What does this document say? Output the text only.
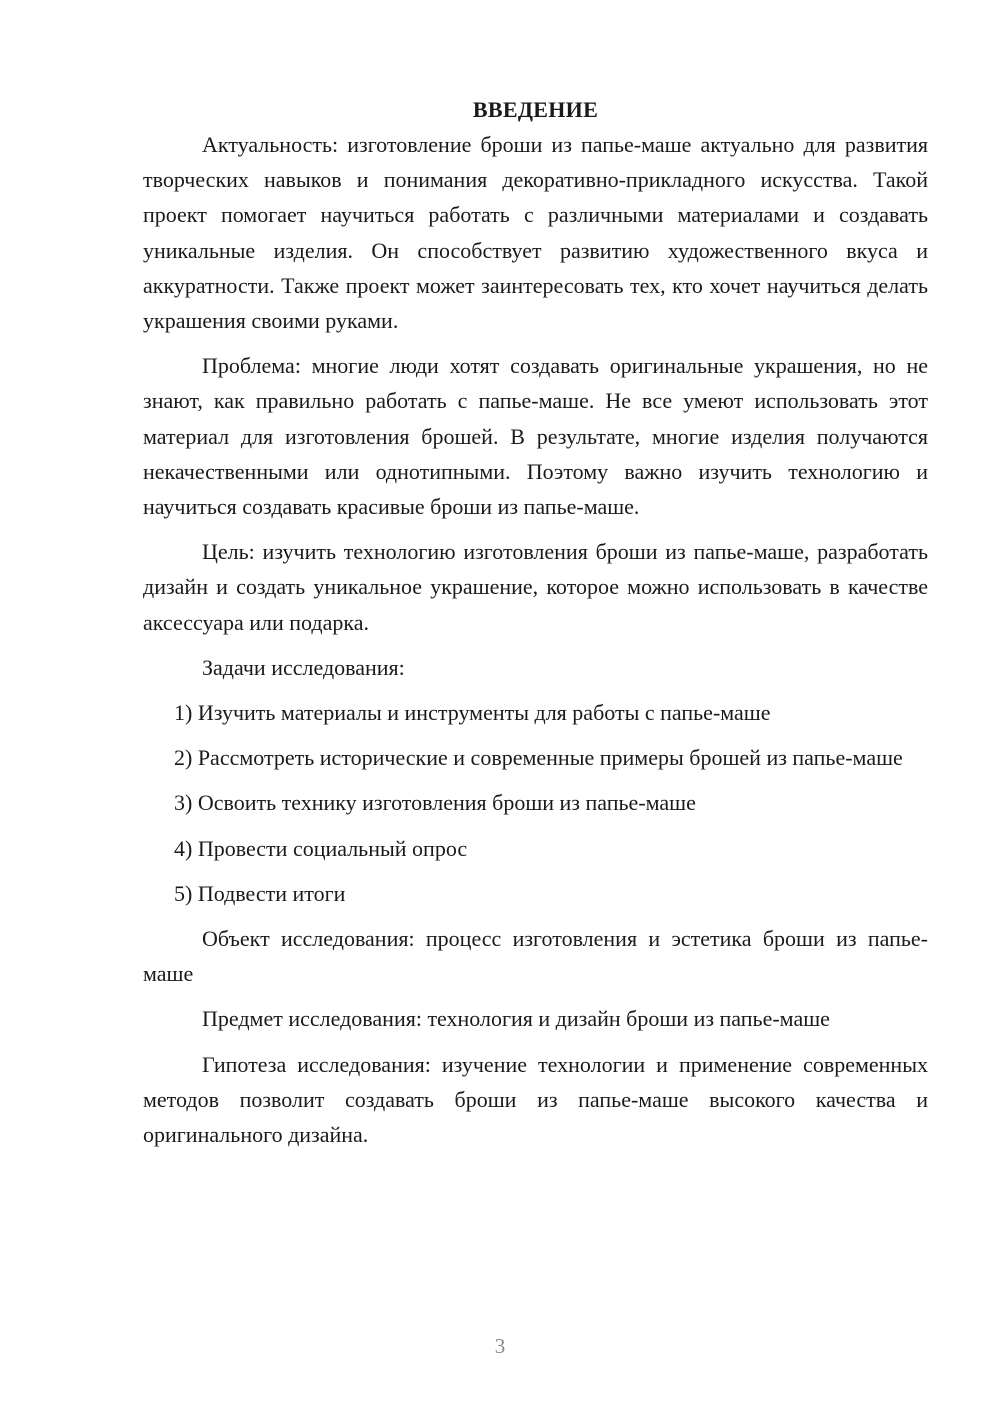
ВВЕДЕНИЕ

Актуальность: изготовление броши из папье-маше актуально для развития творческих навыков и понимания декоративно-прикладного искусства. Такой проект помогает научиться работать с различными материалами и создавать уникальные изделия. Он способствует развитию художественного вкуса и аккуратности. Также проект может заинтересовать тех, кто хочет научиться делать украшения своими руками.

Проблема: многие люди хотят создавать оригинальные украшения, но не знают, как правильно работать с папье-маше. Не все умеют использовать этот материал для изготовления брошей. В результате, многие изделия получаются некачественными или однотипными. Поэтому важно изучить технологию и научиться создавать красивые броши из папье-маше.

Цель: изучить технологию изготовления броши из папье-маше, разработать дизайн и создать уникальное украшение, которое можно использовать в качестве аксессуара или подарка.

Задачи исследования:

1) Изучить материалы и инструменты для работы с папье-маше

2) Рассмотреть исторические и современные примеры брошей из папье-маше

3) Освоить технику изготовления броши из папье-маше

4) Провести социальный опрос

5) Подвести итоги

Объект исследования: процесс изготовления и эстетика броши из папье-маше

Предмет исследования: технология и дизайн броши из папье-маше

Гипотеза исследования: изучение технологии и применение современных методов позволит создавать броши из папье-маше высокого качества и оригинального дизайна.

3
